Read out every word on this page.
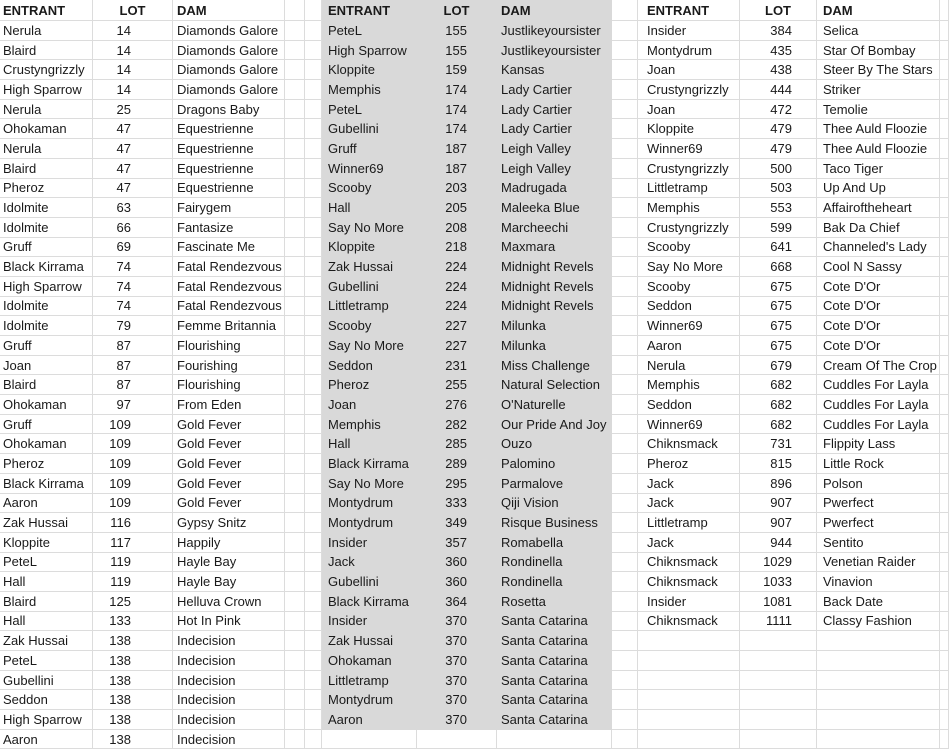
ENTRANT	LOT	DAM	ENTRANT	LOT	DAM	ENTRANT	LOT	DAM
Nerula	14	Diamonds Galore	PeteL	155	Justlikeyoursister	Insider	384	Selica
Blaird	14	Diamonds Galore	High Sparrow	155	Justlikeyoursister	Montydrum	435	Star Of Bombay
Crustyngrizzly	14	Diamonds Galore	Kloppite	159	Kansas	Joan	438	Steer By The Stars
High Sparrow	14	Diamonds Galore	Memphis	174	Lady Cartier	Crustyngrizzly	444	Striker
Nerula	25	Dragons Baby	PeteL	174	Lady Cartier	Joan	472	Temolie
Ohokaman	47	Equestrienne	Gubellini	174	Lady Cartier	Kloppite	479	Thee Auld Floozie
Nerula	47	Equestrienne	Gruff	187	Leigh Valley	Winner69	479	Thee Auld Floozie
Blaird	47	Equestrienne	Winner69	187	Leigh Valley	Crustyngrizzly	500	Taco Tiger
Pheroz	47	Equestrienne	Scooby	203	Madrugada	Littletramp	503	Up And Up
Idolmite	63	Fairygem	Hall	205	Maleeka Blue	Memphis	553	Affairoftheheart
Idolmite	66	Fantasize	Say No More	208	Marcheechi	Crustyngrizzly	599	Bak Da Chief
Gruff	69	Fascinate Me	Kloppite	218	Maxmara	Scooby	641	Channeled's Lady
Black Kirrama	74	Fatal Rendezvous	Zak Hussai	224	Midnight Revels	Say No More	668	Cool N Sassy
High Sparrow	74	Fatal Rendezvous	Gubellini	224	Midnight Revels	Scooby	675	Cote D'Or
Idolmite	74	Fatal Rendezvous	Littletramp	224	Midnight Revels	Seddon	675	Cote D'Or
Idolmite	79	Femme Britannia	Scooby	227	Milunka	Winner69	675	Cote D'Or
Gruff	87	Flourishing	Say No More	227	Milunka	Aaron	675	Cote D'Or
Joan	87	Fourishing	Seddon	231	Miss Challenge	Nerula	679	Cream Of The Crop
Blaird	87	Flourishing	Pheroz	255	Natural Selection	Memphis	682	Cuddles For Layla
Ohokaman	97	From Eden	Joan	276	O'Naturelle	Seddon	682	Cuddles For Layla
Gruff	109	Gold Fever	Memphis	282	Our Pride And Joy	Winner69	682	Cuddles For Layla
Ohokaman	109	Gold Fever	Hall	285	Ouzo	Chiknsmack	731	Flippity Lass
Pheroz	109	Gold Fever	Black Kirrama	289	Palomino	Pheroz	815	Little Rock
Black Kirrama	109	Gold Fever	Say No More	295	Parmalove	Jack	896	Polson
Aaron	109	Gold Fever	Montydrum	333	Qiji Vision	Jack	907	Pwerfect
Zak Hussai	116	Gypsy Snitz	Montydrum	349	Risque Business	Littletramp	907	Pwerfect
Kloppite	117	Happily	Insider	357	Romabella	Jack	944	Sentito
PeteL	119	Hayle Bay	Jack	360	Rondinella	Chiknsmack	1029	Venetian Raider
Hall	119	Hayle Bay	Gubellini	360	Rondinella	Chiknsmack	1033	Vinavion
Blaird	125	Helluva Crown	Black Kirrama	364	Rosetta	Insider	1081	Back Date
Hall	133	Hot In Pink	Insider	370	Santa Catarina	Chiknsmack	1111	Classy Fashion
Zak Hussai	138	Indecision	Zak Hussai	370	Santa Catarina
PeteL	138	Indecision	Ohokaman	370	Santa Catarina
Gubellini	138	Indecision	Littletramp	370	Santa Catarina
Seddon	138	Indecision	Montydrum	370	Santa Catarina
High Sparrow	138	Indecision	Aaron	370	Santa Catarina
Aaron	138	Indecision
